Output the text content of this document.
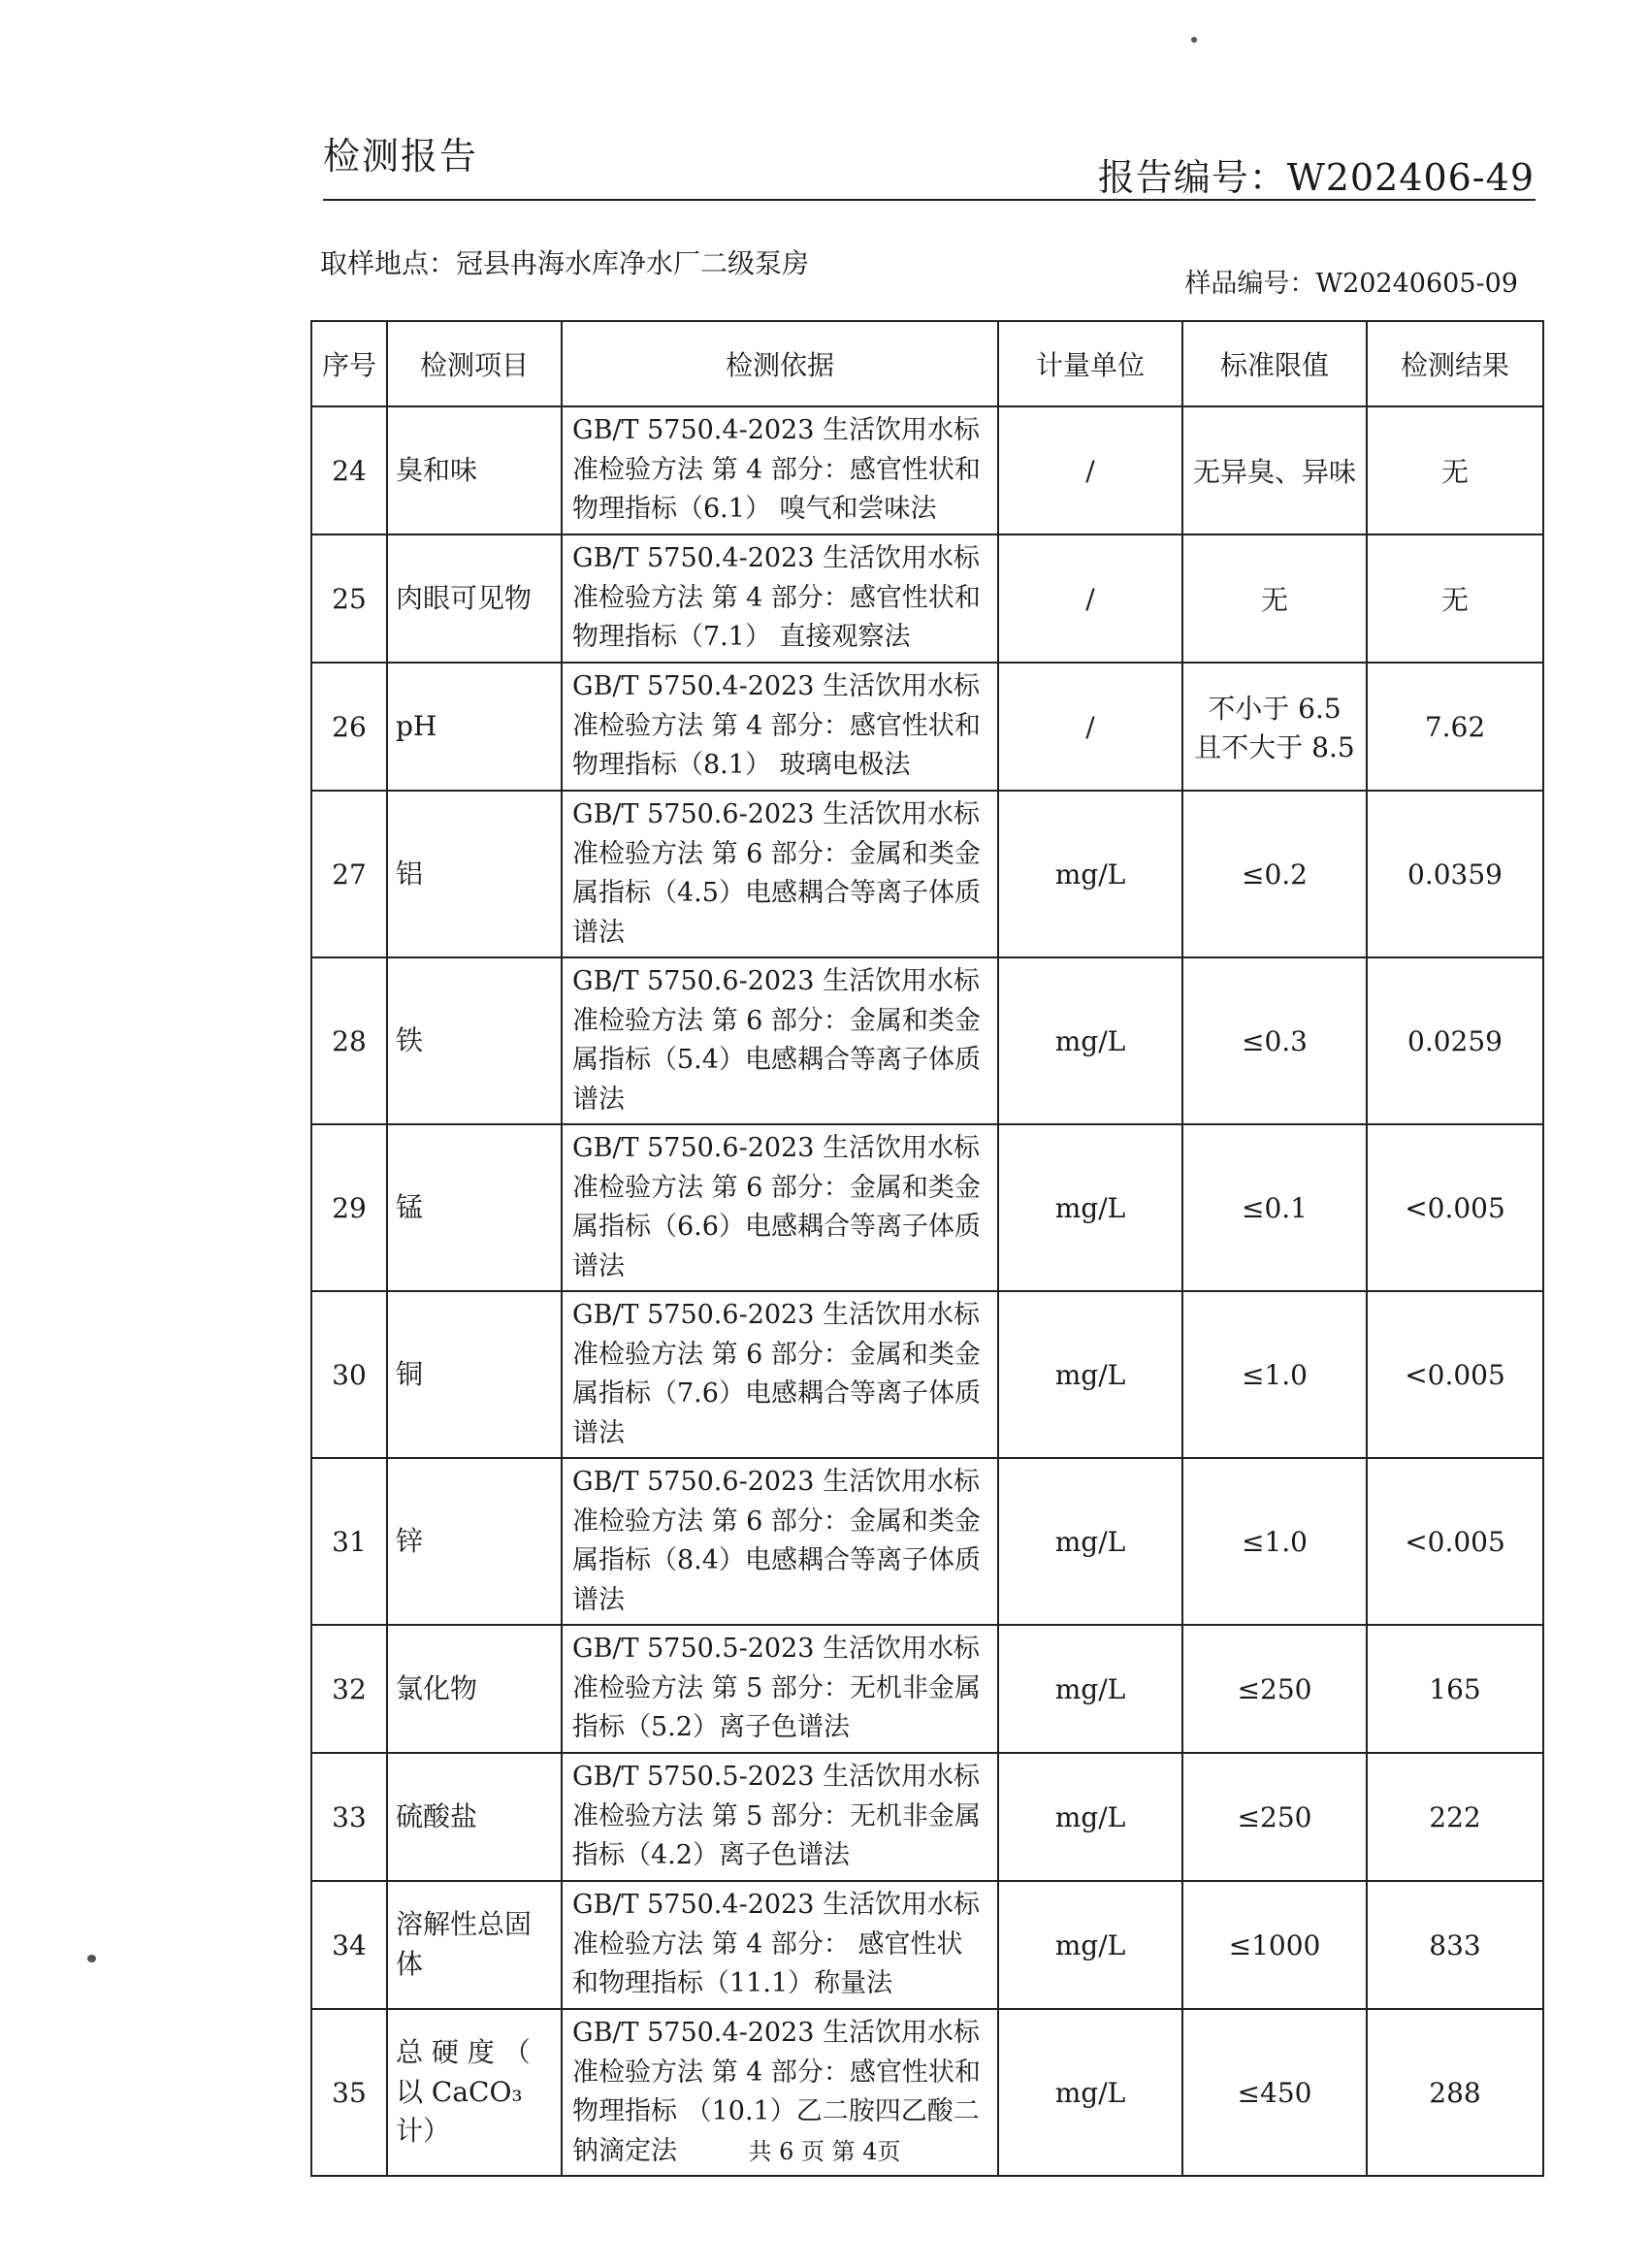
检测报告	报告编号：W202406-49
取样地点：冠县冉海水库净水厂二级泵房
样品编号：W20240605-09
序号	检测项目	检测依据	计量单位	标准限值	检测结果
24	臭和味	GB/T 5750.4-2023 生活饮用水标准检验方法 第 4 部分：感官性状和物理指标（6.1） 嗅气和尝味法	/	无异臭、异味	无
25	肉眼可见物	GB/T 5750.4-2023 生活饮用水标准检验方法 第 4 部分：感官性状和物理指标（7.1） 直接观察法	/	无	无
26	pH	GB/T 5750.4-2023 生活饮用水标准检验方法 第 4 部分：感官性状和物理指标（8.1） 玻璃电极法	/	不小于 6.5 且不大于 8.5	7.62
27	铝	GB/T 5750.6-2023 生活饮用水标准检验方法 第 6 部分：金属和类金属指标（4.5）电感耦合等离子体质谱法	mg/L	≤0.2	0.0359
28	铁	GB/T 5750.6-2023 生活饮用水标准检验方法 第 6 部分：金属和类金属指标（5.4）电感耦合等离子体质谱法	mg/L	≤0.3	0.0259
29	锰	GB/T 5750.6-2023 生活饮用水标准检验方法 第 6 部分：金属和类金属指标（6.6）电感耦合等离子体质谱法	mg/L	≤0.1	<0.005
30	铜	GB/T 5750.6-2023 生活饮用水标准检验方法 第 6 部分：金属和类金属指标（7.6）电感耦合等离子体质谱法	mg/L	≤1.0	<0.005
31	锌	GB/T 5750.6-2023 生活饮用水标准检验方法 第 6 部分：金属和类金属指标（8.4）电感耦合等离子体质谱法	mg/L	≤1.0	<0.005
32	氯化物	GB/T 5750.5-2023 生活饮用水标准检验方法 第 5 部分：无机非金属指标（5.2）离子色谱法	mg/L	≤250	165
33	硫酸盐	GB/T 5750.5-2023 生活饮用水标准检验方法 第 5 部分：无机非金属指标（4.2）离子色谱法	mg/L	≤250	222
34	溶解性总固体	GB/T 5750.4-2023 生活饮用水标准检验方法 第 4 部分： 感官性状和物理指标（11.1）称量法	mg/L	≤1000	833
35	总 硬 度 （ 以 CaCO₃ 计）	GB/T 5750.4-2023 生活饮用水标准检验方法 第 4 部分：感官性状和物理指标 （10.1）乙二胺四乙酸二钠滴定法	mg/L	≤450	288
共 6 页 第 4页
